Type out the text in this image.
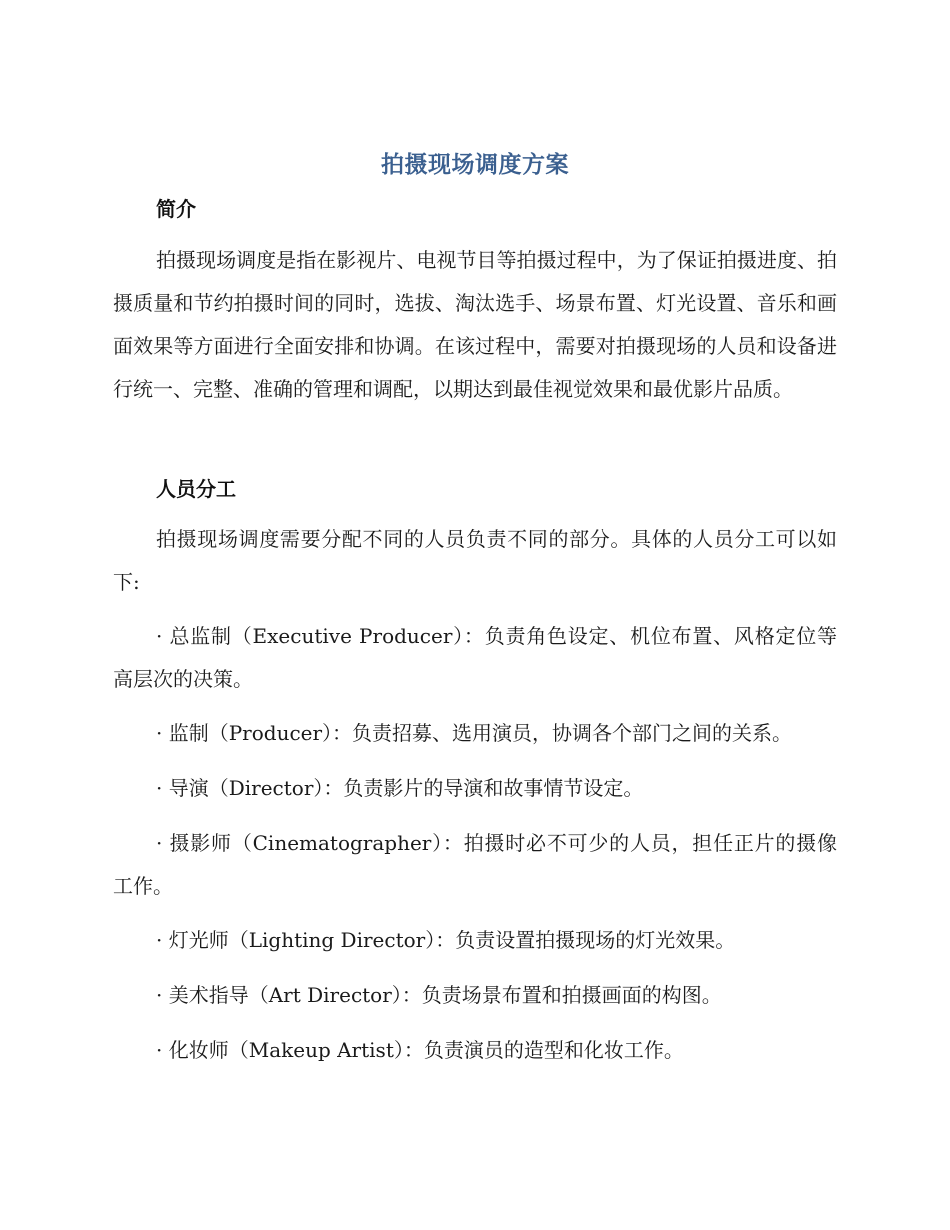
拍摄现场调度方案
简介
拍摄现场调度是指在影视片、电视节目等拍摄过程中，为了保证拍摄进度、拍摄质量和节约拍摄时间的同时，选拔、淘汰选手、场景布置、灯光设置、音乐和画面效果等方面进行全面安排和协调。在该过程中，需要对拍摄现场的人员和设备进行统一、完整、准确的管理和调配，以期达到最佳视觉效果和最优影片品质。
人员分工
拍摄现场调度需要分配不同的人员负责不同的部分。具体的人员分工可以如下:
· 总监制（Executive Producer）：负责角色设定、机位布置、风格定位等高层次的决策。
· 监制（Producer）：负责招募、选用演员，协调各个部门之间的关系。
· 导演（Director）：负责影片的导演和故事情节设定。
· 摄影师（Cinematographer）：拍摄时必不可少的人员，担任正片的摄像工作。
· 灯光师（Lighting Director）：负责设置拍摄现场的灯光效果。
· 美术指导（Art Director）：负责场景布置和拍摄画面的构图。
· 化妆师（Makeup Artist）：负责演员的造型和化妆工作。
